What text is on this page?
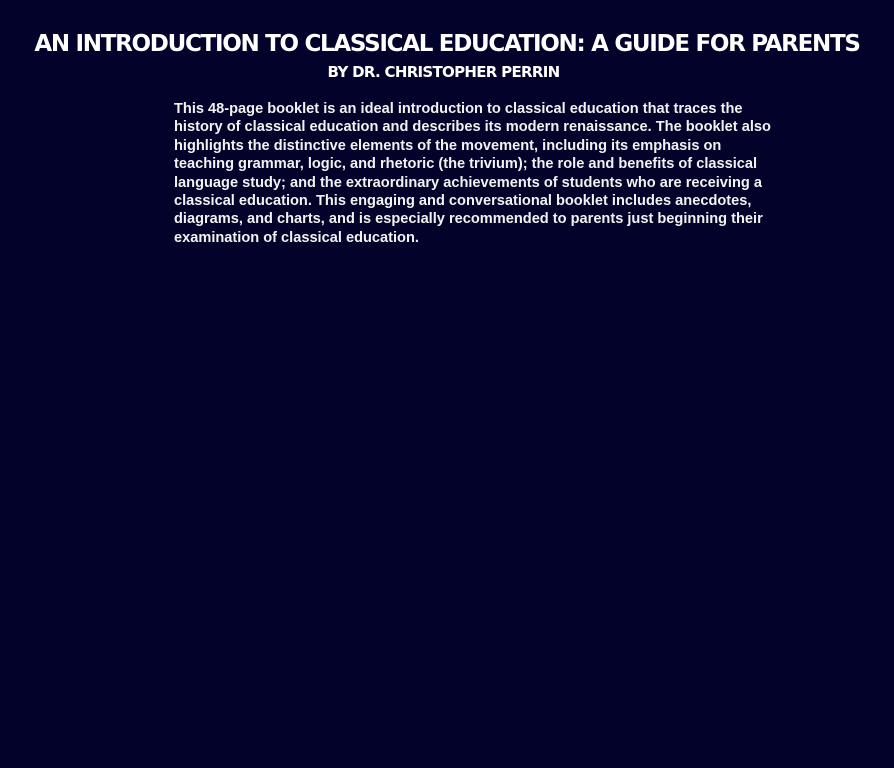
AN INTRODUCTION TO CLASSICAL EDUCATION: A GUIDE FOR PARENTS
BY DR. CHRISTOPHER PERRIN

This 48-page booklet is an ideal introduction to classical education that traces the history of classical education and describes its modern renaissance. The booklet also highlights the distinctive elements of the movement, including its emphasis on teaching grammar, logic, and rhetoric (the trivium); the role and benefits of classical language study; and the extraordinary achievements of students who are receiving a classical education. This engaging and conversational booklet includes anecdotes, diagrams, and charts, and is especially recommended to parents just beginning their examination of classical education.
